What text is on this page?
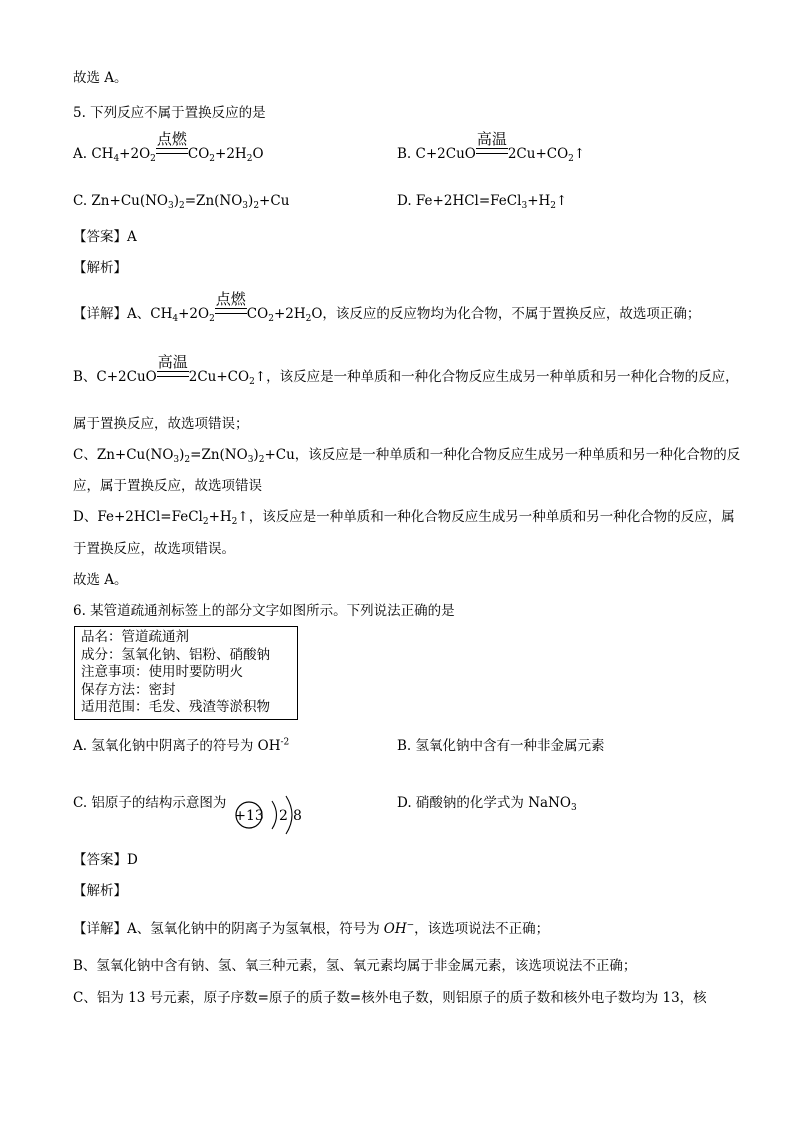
故选 A。
5. 下列反应不属于置换反应的是
A. $CH_4+2O_2$
点燃
$CO_2+2H_2O$	B. C+2CuO
高温
$2Cu+CO_2↑$
C. $Zn+Cu(NO_3)_2=Zn(NO_3)_2+Cu$	D. $Fe+2HCl=FeCl_3+H_2↑$
【答案】A
【解析】
【详解】A、$CH_4+2O_2$
点燃
$CO_2+2H_2O$，该反应的反应物均为化合物，不属于置换反应，故选项正确；
B、C+2CuO
高温
$2Cu+CO_2↑$，该反应是一种单质和一种化合物反应生成另一种单质和另一种化合物的反应，
属于置换反应，故选项错误；
C、$Zn+Cu(NO_3)_2=Zn(NO_3)_2+Cu$，该反应是一种单质和一种化合物反应生成另一种单质和另一种化合物的反
应，属于置换反应，故选项错误
D、$Fe+2HCl=FeCl_2+H_2↑$，该反应是一种单质和一种化合物反应生成另一种单质和另一种化合物的反应，属
于置换反应，故选项错误。
故选 A。
6. 某管道疏通剂标签上的部分文字如图所示。下列说法正确的是
品名：管道疏通剂
成分：氢氧化钠、铝粉、硝酸钠
注意事项：使用时要防明火
保存方法：密封
适用范围：毛发、残渣等淤积物
A. 氢氧化钠中阴离子的符号为 $OH^{-2}$	B. 氢氧化钠中含有一种非金属元素
C. 铝原子的结构示意图为
+13 2 8
D. 硝酸钠的化学式为 NaNO$_3$
【答案】D
【解析】
【详解】A、氢氧化钠中的阴离子为氢氧根，符号为 OH−，该选项说法不正确；
B、氢氧化钠中含有钠、氢、氧三种元素，氢、氧元素均属于非金属元素，该选项说法不正确；
C、铝为 13 号元素，原子序数=原子的质子数=核外电子数，则铝原子的质子数和核外电子数均为 13，核
